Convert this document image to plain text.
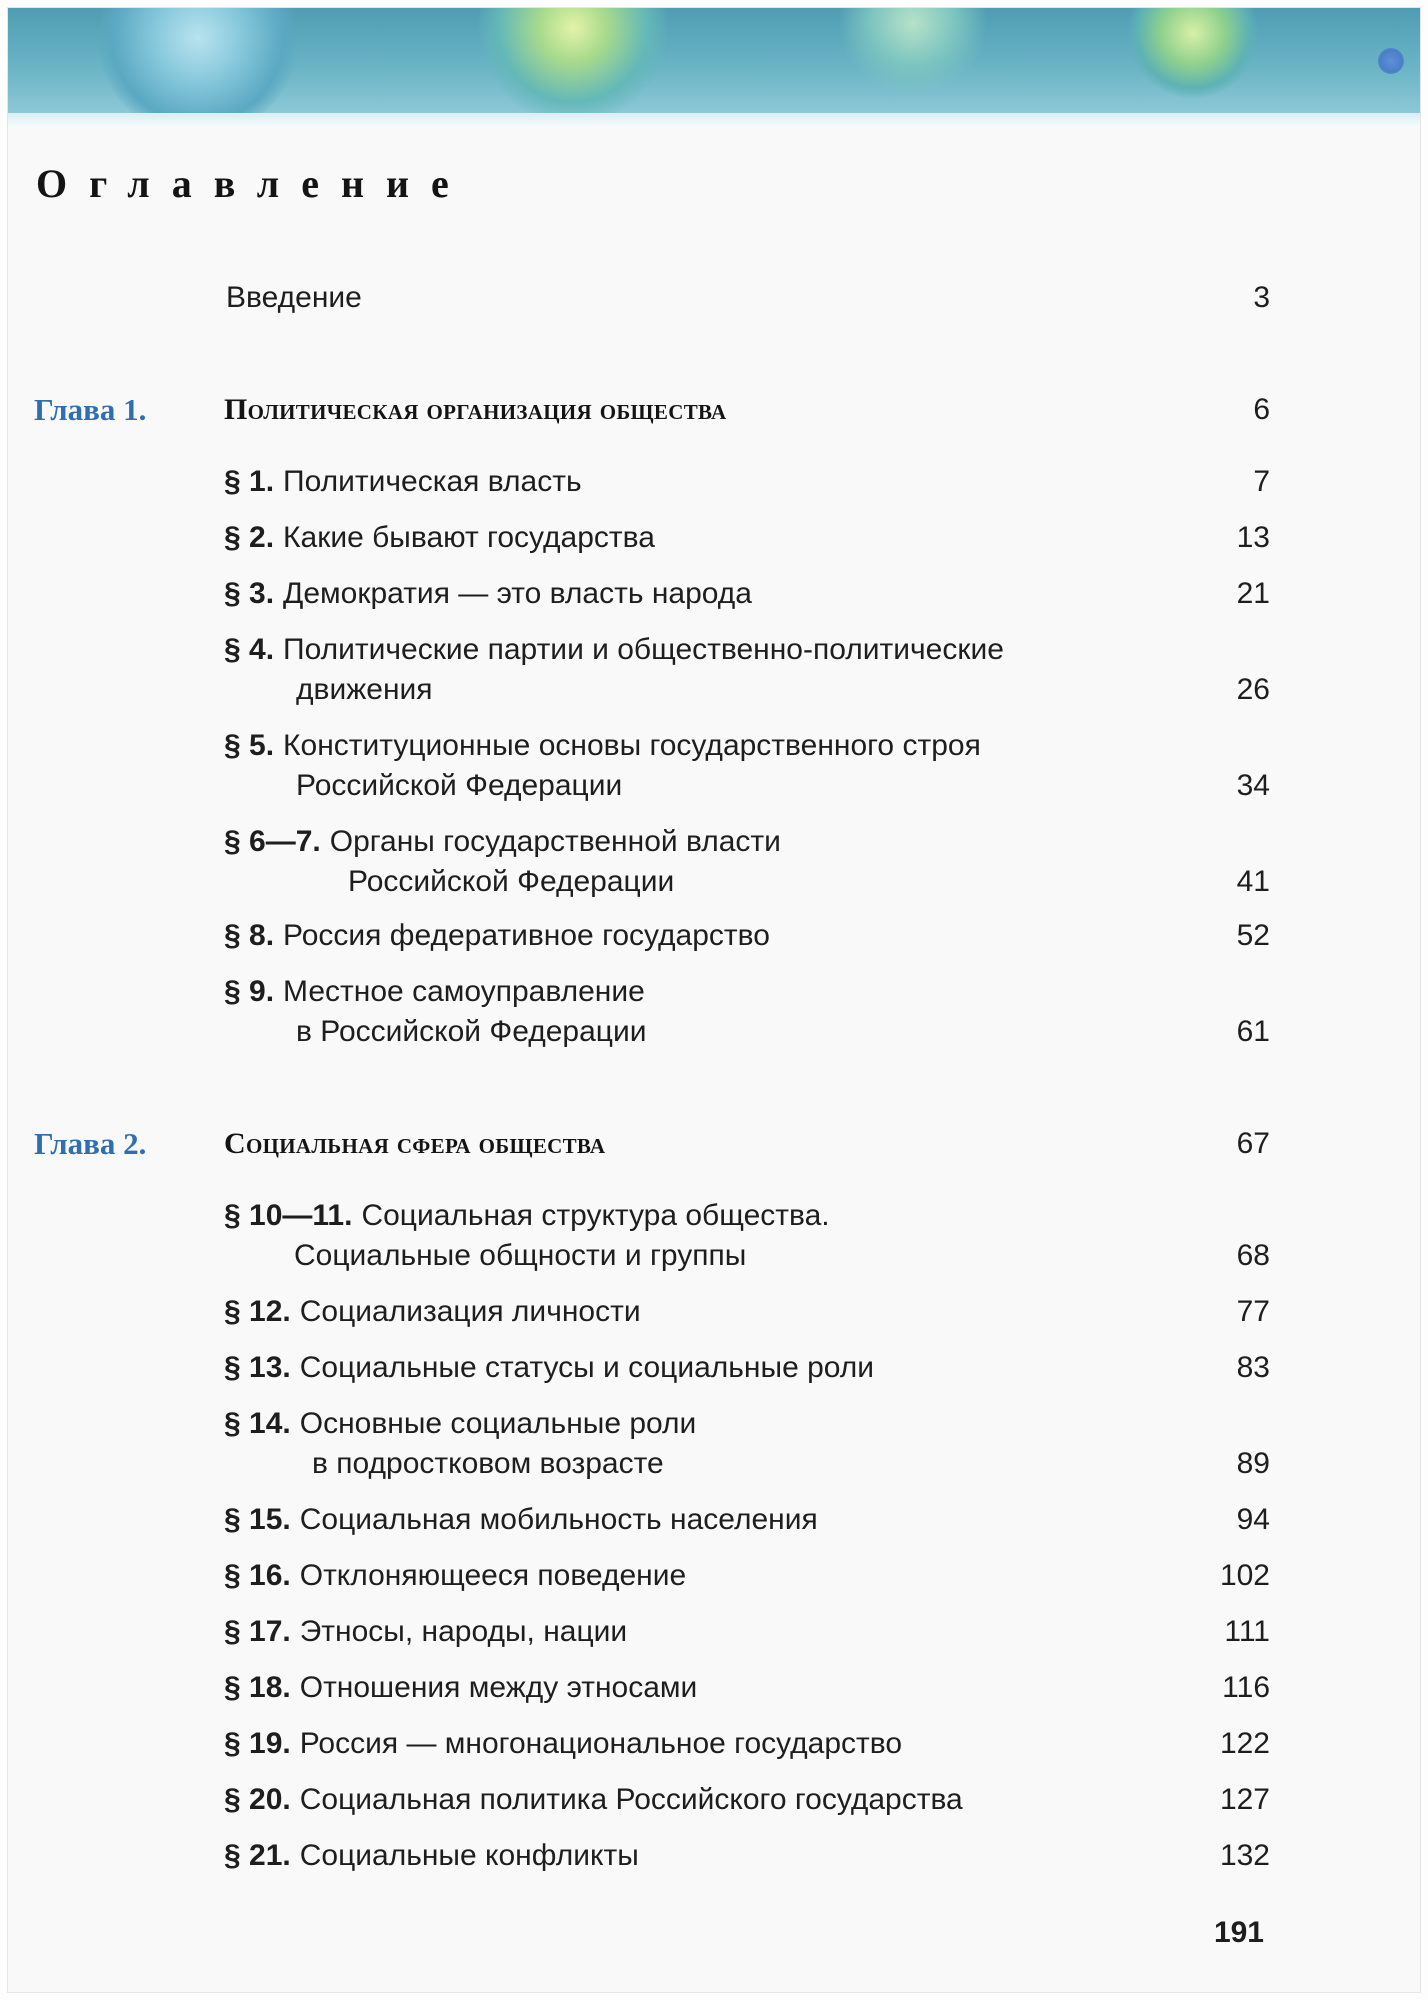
Оглавление
Введение	3
Глава 1.	Политическая организация общества	6
§ 1. Политическая власть	7
§ 2. Какие бывают государства	13
§ 3. Демократия — это власть народа	21
§ 4. Политические партии и общественно-политические
движения	26
§ 5. Конституционные основы государственного строя
Российской Федерации	34
§ 6—7. Органы государственной власти
Российской Федерации	41
§ 8. Россия федеративное государство	52
§ 9. Местное самоуправление
в Российской Федерации	61
Глава 2.	Социальная сфера общества	67
§ 10—11. Социальная структура общества.
Социальные общности и группы	68
§ 12. Социализация личности	77
§ 13. Социальные статусы и социальные роли	83
§ 14. Основные социальные роли
в подростковом возрасте	89
§ 15. Социальная мобильность населения	94
§ 16. Отклоняющееся поведение	102
§ 17. Этносы, народы, нации	111
§ 18. Отношения между этносами	116
§ 19. Россия — многонациональное государство	122
§ 20. Социальная политика Российского государства	127
§ 21. Социальные конфликты	132
191
